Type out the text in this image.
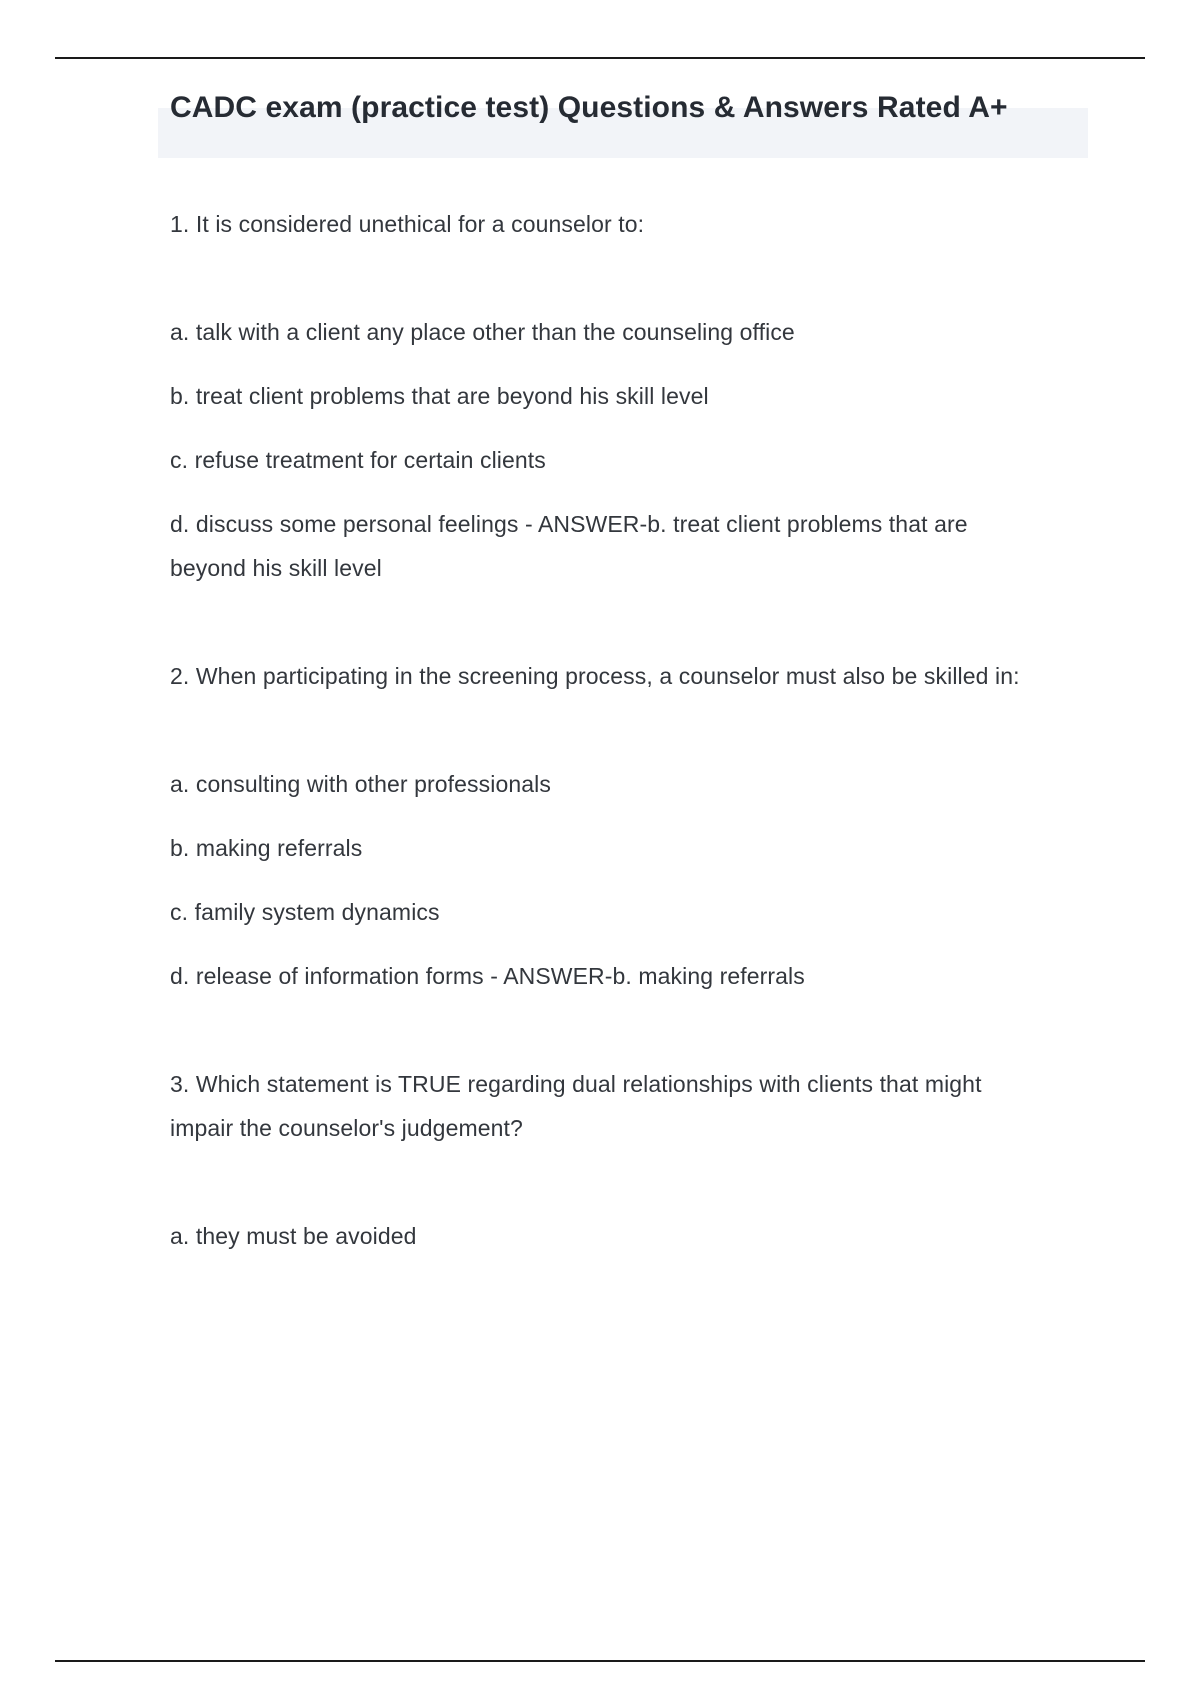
CADC exam (practice test) Questions & Answers Rated A+

1. It is considered unethical for a counselor to:

a. talk with a client any place other than the counseling office

b. treat client problems that are beyond his skill level

c. refuse treatment for certain clients

d. discuss some personal feelings - ANSWER-b. treat client problems that are beyond his skill level

2. When participating in the screening process, a counselor must also be skilled in:

a. consulting with other professionals

b. making referrals

c. family system dynamics

d. release of information forms - ANSWER-b. making referrals

3. Which statement is TRUE regarding dual relationships with clients that might impair the counselor's judgement?

a. they must be avoided
